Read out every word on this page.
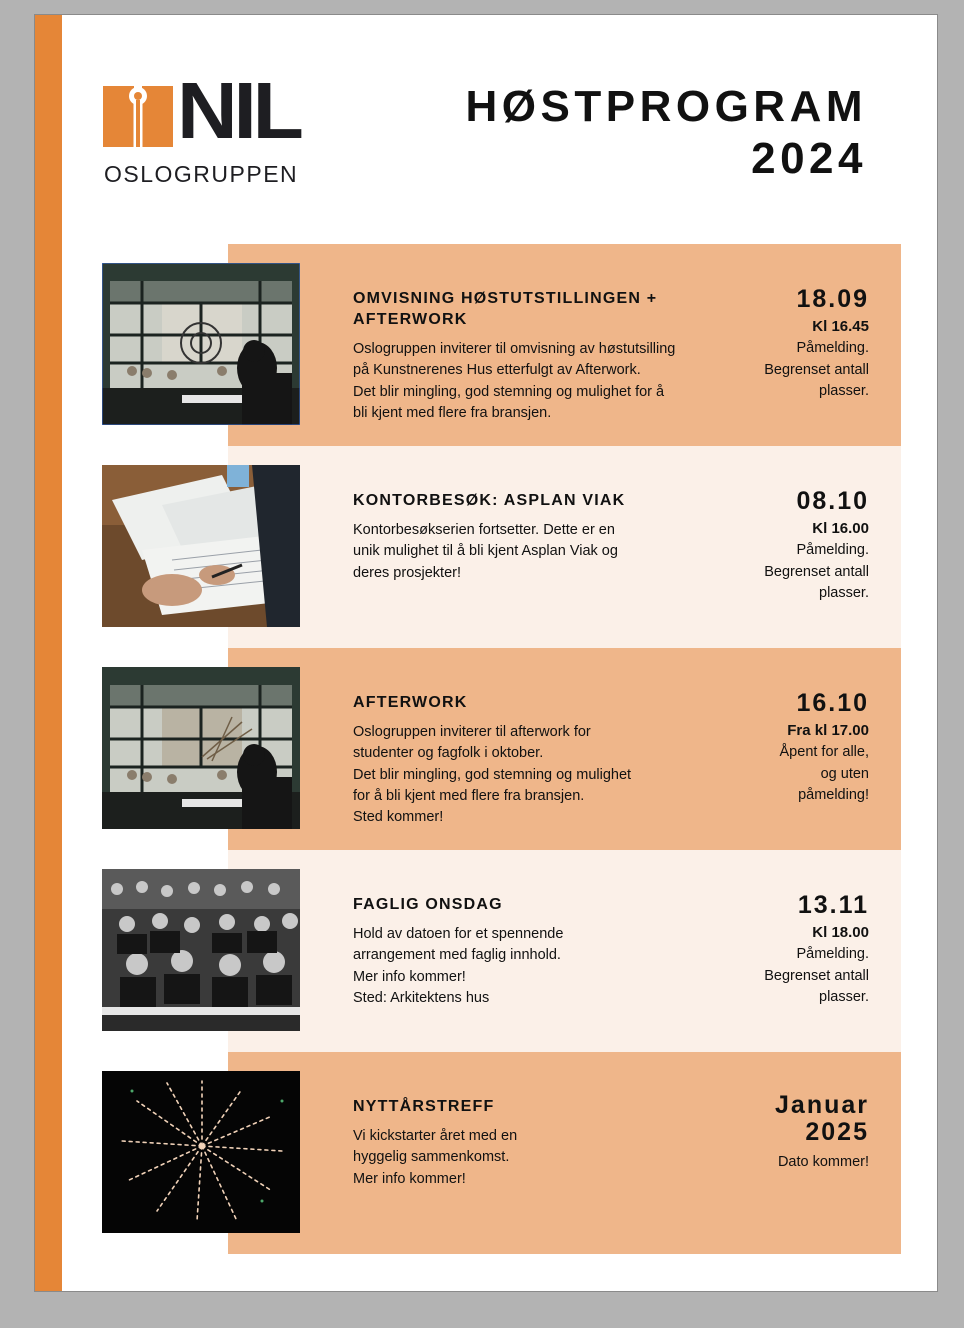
NIL
OSLOGRUPPEN
HØSTPROGRAM
2024
OMVISNING HØSTUTSTILLINGEN + AFTERWORK

Oslogruppen inviterer til omvisning av høstutsilling
på Kunstnerenes Hus etterfulgt av Afterwork.
Det blir mingling, god stemning og mulighet for å
bli kjent med flere fra bransjen.

18.09
Kl 16.45
Påmelding.
Begrenset antall
plasser.
KONTORBESØK: ASPLAN VIAK

Kontorbesøkserien fortsetter. Dette er en
unik mulighet til å bli kjent Asplan Viak og
deres prosjekter!

08.10
Kl 16.00
Påmelding.
Begrenset antall
plasser.
AFTERWORK

Oslogruppen inviterer til afterwork for
studenter og fagfolk i oktober.
Det blir mingling, god stemning og mulighet
for å bli kjent med flere fra bransjen.
Sted kommer!

16.10
Fra kl 17.00
Åpent for alle,
og uten
påmelding!
FAGLIG ONSDAG

Hold av datoen for et spennende
arrangement med faglig innhold.
Mer info kommer!
Sted: Arkitektens hus

13.11
Kl 18.00
Påmelding.
Begrenset antall
plasser.
NYTTÅRSTREFF

Vi kickstarter året med en
hyggelig sammenkomst.
Mer info kommer!

Januar 2025
Dato kommer!
